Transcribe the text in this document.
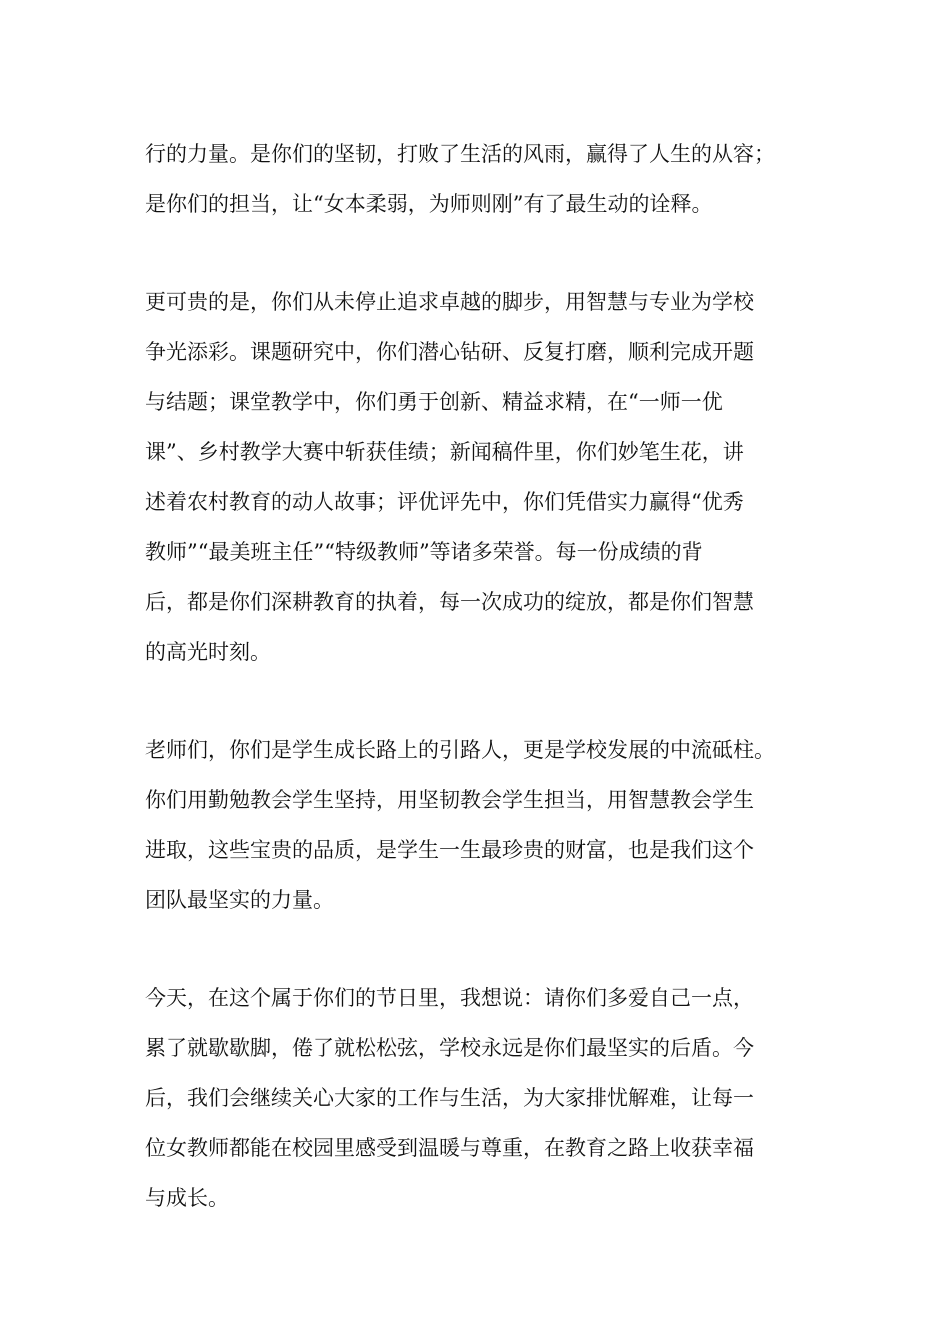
行的力量。是你们的坚韧，打败了生活的风雨，赢得了人生的从容；
是你们的担当，让“女本柔弱，为师则刚”有了最生动的诠释。
更可贵的是，你们从未停止追求卓越的脚步，用智慧与专业为学校
争光添彩。课题研究中，你们潜心钻研、反复打磨，顺利完成开题
与结题；课堂教学中，你们勇于创新、精益求精，在“一师一优
课”、乡村教学大赛中斩获佳绩；新闻稿件里，你们妙笔生花，讲
述着农村教育的动人故事；评优评先中，你们凭借实力赢得“优秀
教师”“最美班主任”“特级教师”等诸多荣誉。每一份成绩的背
后，都是你们深耕教育的执着，每一次成功的绽放，都是你们智慧
的高光时刻。
老师们，你们是学生成长路上的引路人，更是学校发展的中流砥柱。
你们用勤勉教会学生坚持，用坚韧教会学生担当，用智慧教会学生
进取，这些宝贵的品质，是学生一生最珍贵的财富，也是我们这个
团队最坚实的力量。
今天，在这个属于你们的节日里，我想说：请你们多爱自己一点，
累了就歇歇脚，倦了就松松弦，学校永远是你们最坚实的后盾。今
后，我们会继续关心大家的工作与生活，为大家排忧解难，让每一
位女教师都能在校园里感受到温暖与尊重，在教育之路上收获幸福
与成长。
